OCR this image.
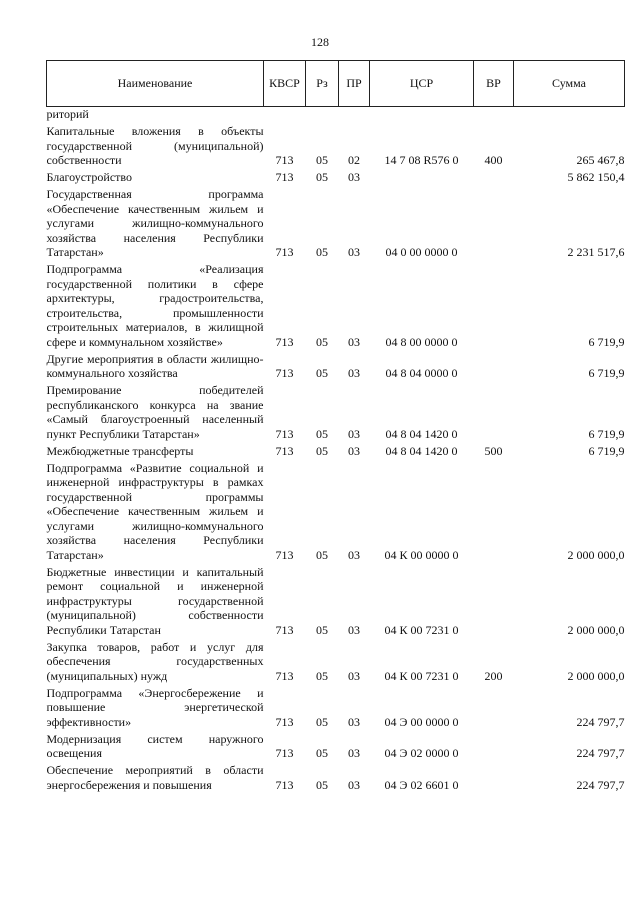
128
Наименование	КВСР	Рз	ПР	ЦСР	ВР	Сумма
риторий						
Капитальные вложения в объекты государственной (муниципальной) собственности	713	05	02	14 7 08 R576 0	400	265 467,8
Благоустройство	713	05	03			5 862 150,4
Государственная программа «Обеспечение качественным жильем и услугами жилищно-коммунального хозяйства населения Республики Татарстан»	713	05	03	04 0 00 0000 0		2 231 517,6
Подпрограмма «Реализация государственной политики в сфере архитектуры, градостроительства, строительства, промышленности строительных материалов, в жилищной сфере и коммунальном хозяйстве»	713	05	03	04 8 00 0000 0		6 719,9
Другие мероприятия в области жилищно-коммунального хозяйства	713	05	03	04 8 04 0000 0		6 719,9
Премирование победителей республиканского конкурса на звание «Самый благоустроенный населенный пункт Республики Татарстан»	713	05	03	04 8 04 1420 0		6 719,9
Межбюджетные трансферты	713	05	03	04 8 04 1420 0	500	6 719,9
Подпрограмма «Развитие социальной и инженерной инфраструктуры в рамках государственной программы «Обеспечение качественным жильем и услугами жилищно-коммунального хозяйства населения Республики Татарстан»	713	05	03	04 К 00 0000 0		2 000 000,0
Бюджетные инвестиции и капитальный ремонт социальной и инженерной инфраструктуры государственной (муниципальной) собственности Республики Татарстан	713	05	03	04 К 00 7231 0		2 000 000,0
Закупка товаров, работ и услуг для обеспечения государственных (муниципальных) нужд	713	05	03	04 К 00 7231 0	200	2 000 000,0
Подпрограмма «Энергосбережение и повышение энергетической эффективности»	713	05	03	04 Э 00 0000 0		224 797,7
Модернизация систем наружного освещения	713	05	03	04 Э 02 0000 0		224 797,7
Обеспечение мероприятий в области энергосбережения и повышения	713	05	03	04 Э 02 6601 0		224 797,7
